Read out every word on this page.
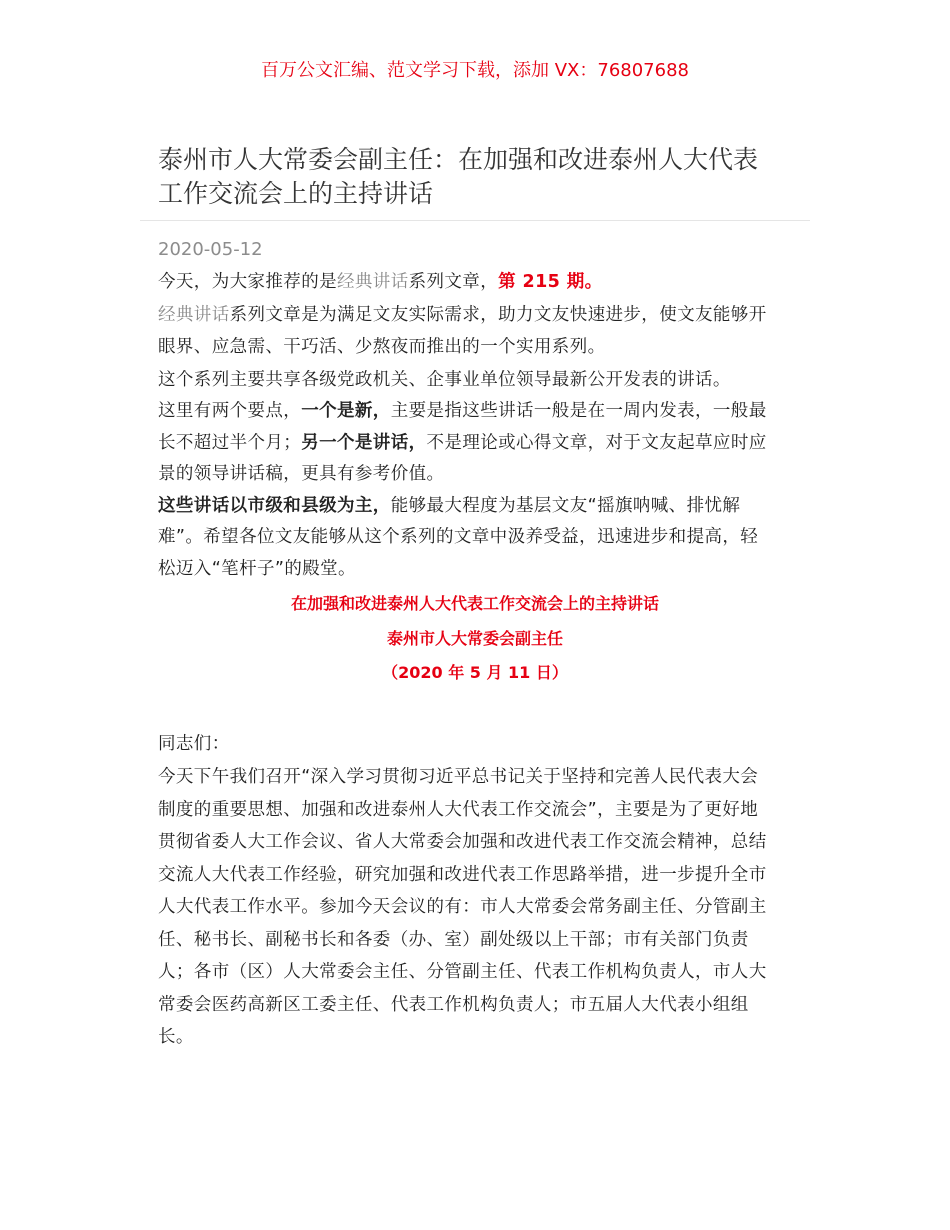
百万公文汇编、范文学习下载，添加 VX：76807688
泰州市人大常委会副主任：在加强和改进泰州人大代表
工作交流会上的主持讲话
2020-05-12
今天，为大家推荐的是经典讲话系列文章，第 215 期。
经典讲话系列文章是为满足文友实际需求，助力文友快速进步，使文友能够开
眼界、应急需、干巧活、少熬夜而推出的一个实用系列。
这个系列主要共享各级党政机关、企事业单位领导最新公开发表的讲话。
这里有两个要点，一个是新，主要是指这些讲话一般是在一周内发表，一般最
长不超过半个月；另一个是讲话，不是理论或心得文章，对于文友起草应时应
景的领导讲话稿，更具有参考价值。
这些讲话以市级和县级为主，能够最大程度为基层文友“摇旗呐喊、排忧解
难”。希望各位文友能够从这个系列的文章中汲养受益，迅速进步和提高，轻
松迈入“笔杆子”的殿堂。
在加强和改进泰州人大代表工作交流会上的主持讲话
泰州市人大常委会副主任
（2020 年 5 月 11 日）
同志们：
今天下午我们召开“深入学习贯彻习近平总书记关于坚持和完善人民代表大会
制度的重要思想、加强和改进泰州人大代表工作交流会”，主要是为了更好地
贯彻省委人大工作会议、省人大常委会加强和改进代表工作交流会精神，总结
交流人大代表工作经验，研究加强和改进代表工作思路举措，进一步提升全市
人大代表工作水平。参加今天会议的有：市人大常委会常务副主任、分管副主
任、秘书长、副秘书长和各委（办、室）副处级以上干部；市有关部门负责
人；各市（区）人大常委会主任、分管副主任、代表工作机构负责人，市人大
常委会医药高新区工委主任、代表工作机构负责人；市五届人大代表小组组
长。
